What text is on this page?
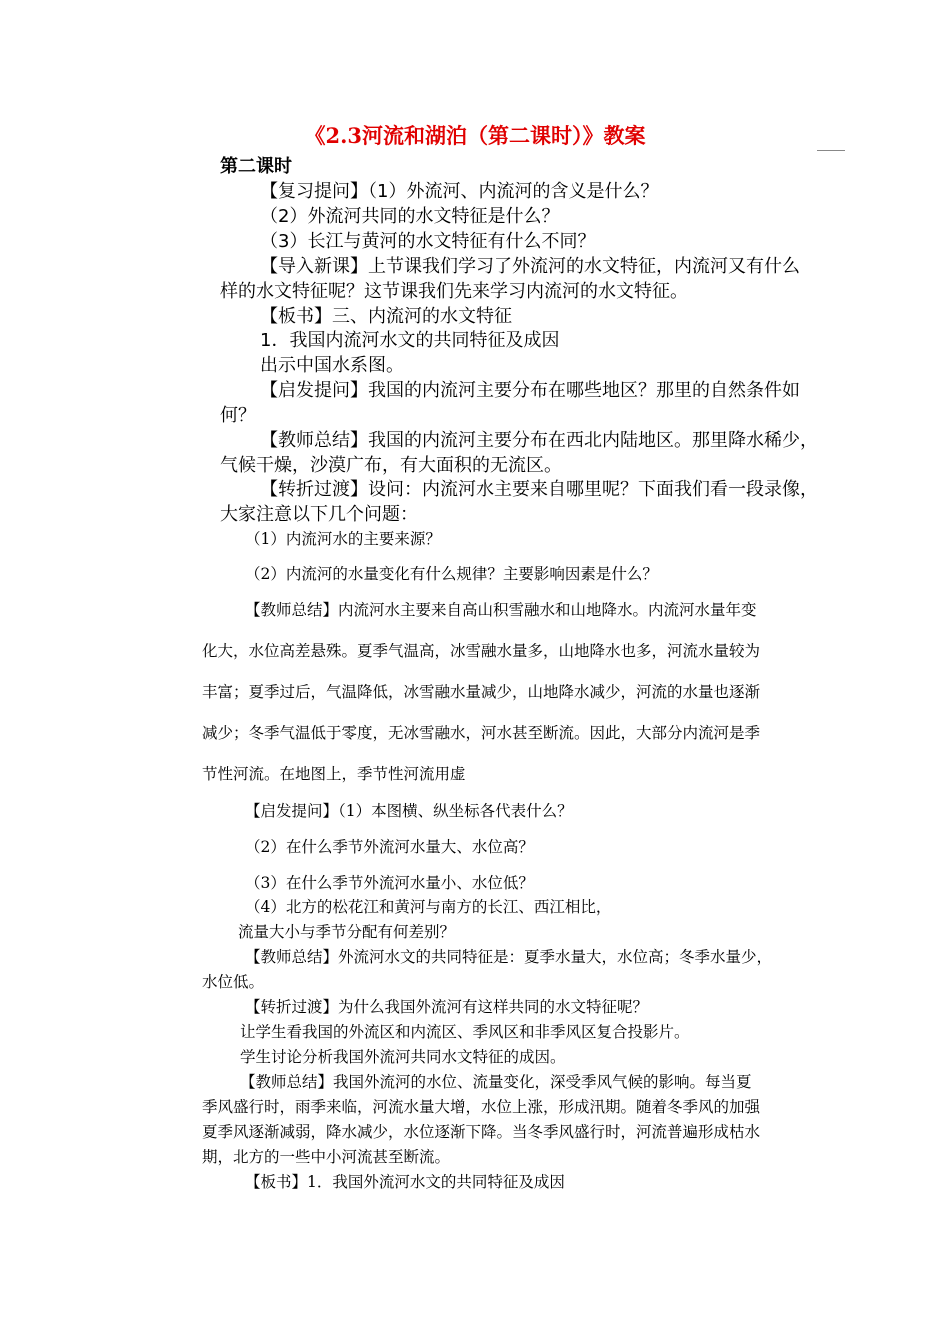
《2.3河流和湖泊（第二课时）》教案
第二课时
【复习提问】（1）外流河、内流河的含义是什么？
（2）外流河共同的水文特征是什么？
（3）长江与黄河的水文特征有什么不同？
【导入新课】上节课我们学习了外流河的水文特征，内流河又有什么
样的水文特征呢？这节课我们先来学习内流河的水文特征。
【板书】三、内流河的水文特征
1．我国内流河水文的共同特征及成因
出示中国水系图。
【启发提问】我国的内流河主要分布在哪些地区？那里的自然条件如
何？
【教师总结】我国的内流河主要分布在西北内陆地区。那里降水稀少，
气候干燥，沙漠广布，有大面积的无流区。
【转折过渡】设问：内流河水主要来自哪里呢？下面我们看一段录像，
大家注意以下几个问题：
（1）内流河水的主要来源？
（2）内流河的水量变化有什么规律？主要影响因素是什么？
【教师总结】内流河水主要来自高山积雪融水和山地降水。内流河水量年变
化大，水位高差悬殊。夏季气温高，冰雪融水量多，山地降水也多，河流水量较为
丰富；夏季过后，气温降低，冰雪融水量减少，山地降水减少，河流的水量也逐渐
减少；冬季气温低于零度，无冰雪融水，河水甚至断流。因此，大部分内流河是季
节性河流。在地图上，季节性河流用虚
【启发提问】（1）本图横、纵坐标各代表什么？
（2）在什么季节外流河水量大、水位高？
（3）在什么季节外流河水量小、水位低？
（4）北方的松花江和黄河与南方的长江、西江相比，
流量大小与季节分配有何差别？
【教师总结】外流河水文的共同特征是：夏季水量大，水位高；冬季水量少，
水位低。
【转折过渡】为什么我国外流河有这样共同的水文特征呢？
让学生看我国的外流区和内流区、季风区和非季风区复合投影片。
学生讨论分析我国外流河共同水文特征的成因。
【教师总结】我国外流河的水位、流量变化，深受季风气候的影响。每当夏
季风盛行时，雨季来临，河流水量大增，水位上涨，形成汛期。随着冬季风的加强
夏季风逐渐减弱，降水减少，水位逐渐下降。当冬季风盛行时，河流普遍形成枯水
期，北方的一些中小河流甚至断流。
【板书】1．我国外流河水文的共同特征及成因
